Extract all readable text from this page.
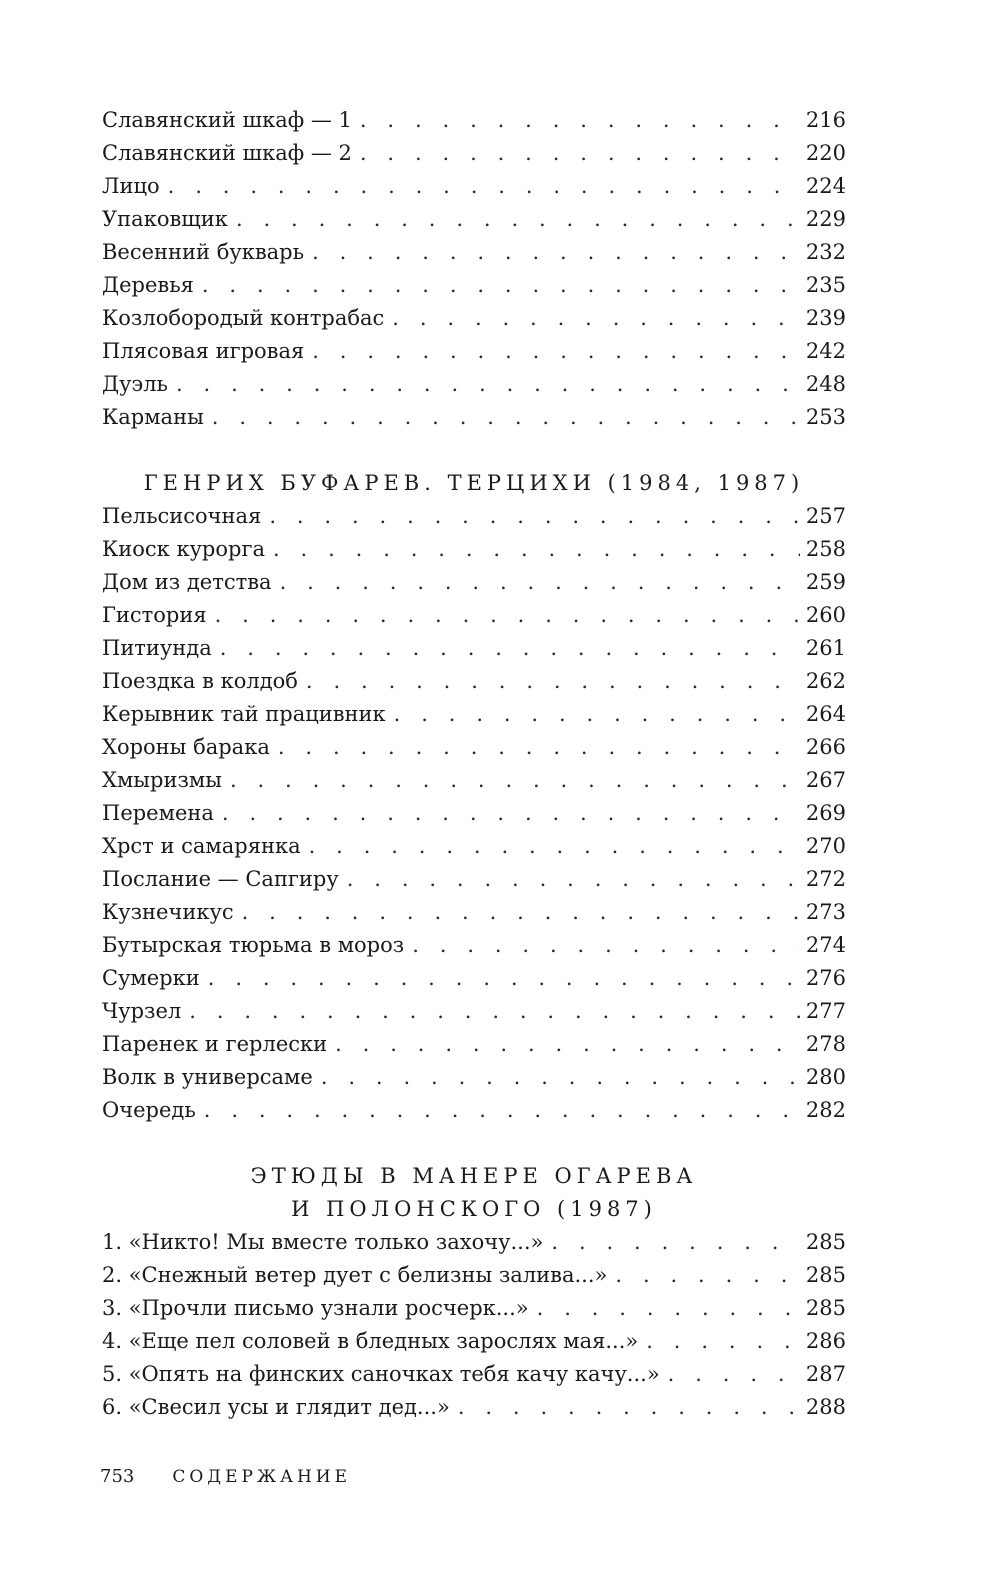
Славянский шкаф — 1 . . .	216
Славянский шкаф — 2 . . .	220
Лицо . . .	224
Упаковщик . . .	229
Весенний букварь . . .	232
Деревья . . .	235
Козлобородый контрабас . . .	239
Плясовая игровая . . .	242
Дуэль . . .	248
Карманы . . .	253
ГЕНРИХ БУФАРЕВ. ТЕРЦИХИ (1984, 1987)
Пельсисочная . . .	257
Киоск курорга . . .	258
Дом из детства . . .	259
Гистория . . .	260
Питиунда . . .	261
Поездка в колдоб . . .	262
Керывник тай працивник . . .	264
Хороны барака . . .	266
Хмыризмы . . .	267
Перемена . . .	269
Хрст и самарянка . . .	270
Послание — Сапгиру . . .	272
Кузнечикус . . .	273
Бутырская тюрьма в мороз . . .	274
Сумерки . . .	276
Чурзел . . .	277
Паренек и герлески . . .	278
Волк в универсаме . . .	280
Очередь . . .	282
ЭТЮДЫ В МАНЕРЕ ОГАРЕВА
И ПОЛОНСКОГО (1987)
1. «Никто! Мы вместе только захочу...» . . .	285
2. «Снежный ветер дует с белизны залива...» . . .	285
3. «Прочли письмо узнали росчерк...» . . .	285
4. «Еще пел соловей в бледных зарослях мая...» . . .	286
5. «Опять на финских саночках тебя качу качу...» . . .	287
6. «Свесил усы и глядит дед...» . . .	288
753 СОДЕРЖАНИЕ
